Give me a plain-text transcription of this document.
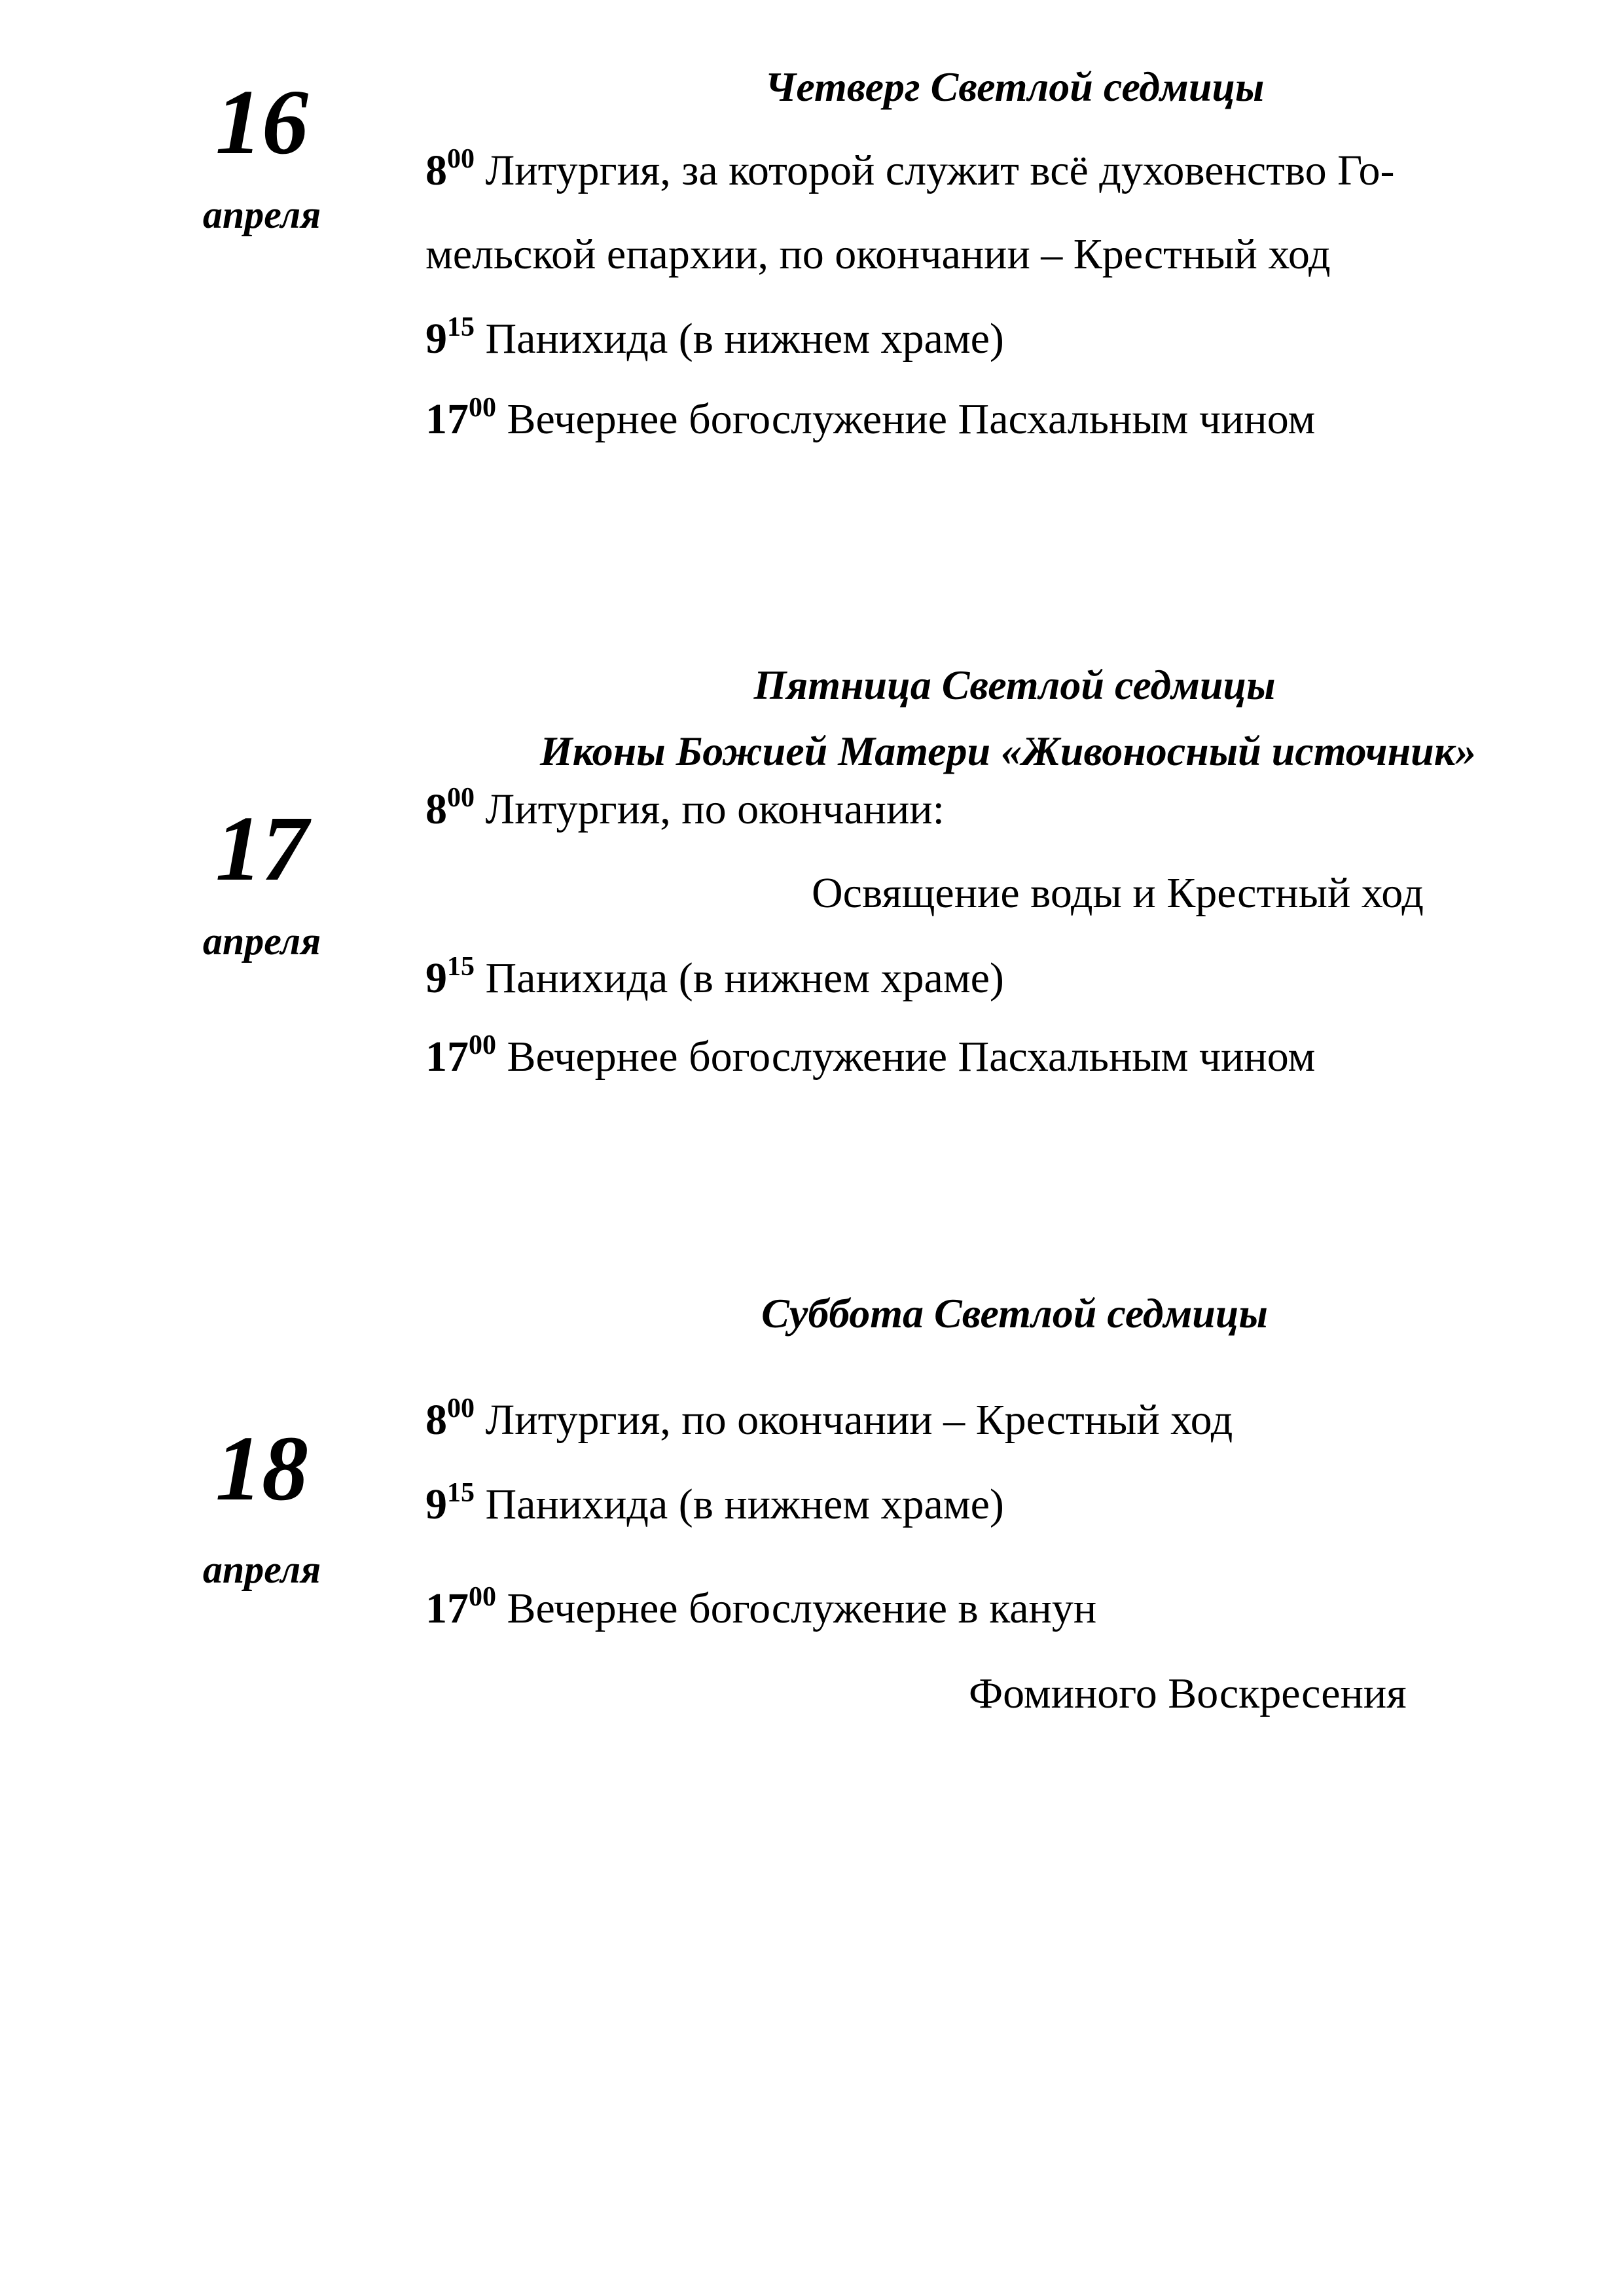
16
апреля
Четверг Светлой седмицы
$8^{00}$ Литургия, за которой служит всё духовенство Го-
мельской епархии, по окончании – Крестный ход
$9^{15}$ Панихида (в нижнем храме)
$17^{00}$ Вечернее богослужение Пасхальным чином
17
апреля
Пятница Светлой седмицы
Иконы Божией Матери «Живоносный источник»
$8^{00}$ Литургия, по окончании:
Освящение воды и Крестный ход
$9^{15}$ Панихида (в нижнем храме)
$17^{00}$ Вечернее богослужение Пасхальным чином
18
апреля
Суббота Светлой седмицы
$8^{00}$ Литургия, по окончании – Крестный ход
$9^{15}$ Панихида (в нижнем храме)
$17^{00}$ Вечернее богослужение в канун
Фоминого Воскресения
